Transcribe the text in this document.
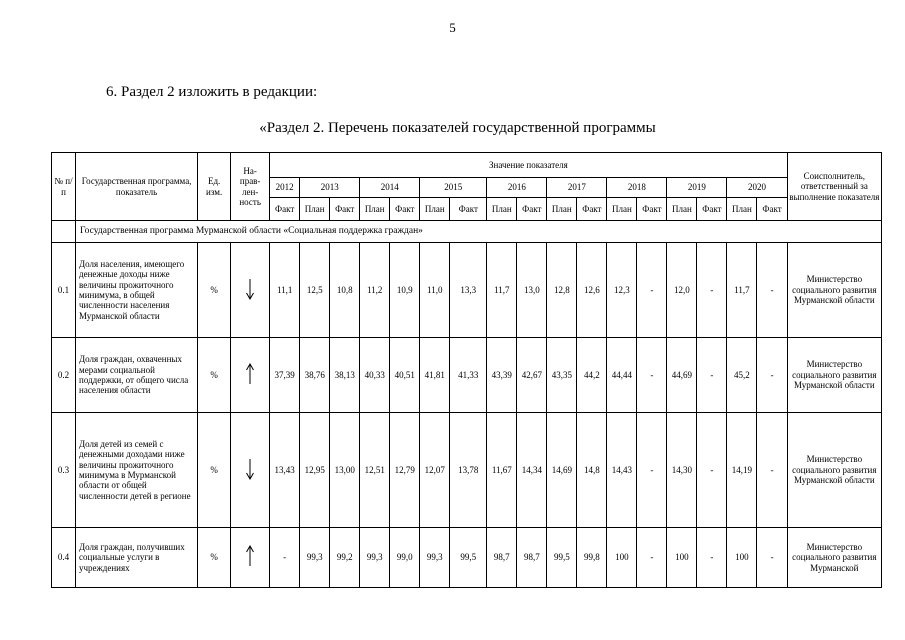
5
6. Раздел 2 изложить в редакции:
«Раздел 2. Перечень показателей государственной программы
№ п/п	Государственная программа, показатель	Ед. изм.	На- прав- лен- ность	Значение показателя																	Соисполнитель, ответственный за выполнение показателя
				2012	2013		2014		2015		2016		2017		2018		2019		2020		
				Факт	План	Факт	План	Факт	План	Факт	План	Факт	План	Факт	План	Факт	План	Факт	План	Факт	
	Государственная программа Мурманской области «Социальная поддержка граждан»																				
0.1	Доля населения, имеющего денежные доходы ниже величины прожиточного минимума, в общей численности населения Мурманской области	%		11,1	12,5	10,8	11,2	10,9	11,0	13,3	11,7	13,0	12,8	12,6	12,3	-	12,0	-	11,7	-	Министерство социального развития Мурманской области
0.2	Доля граждан, охваченных мерами социальной поддержки, от общего числа населения области	%		37,39	38,76	38,13	40,33	40,51	41,81	41,33	43,39	42,67	43,35	44,2	44,44	-	44,69	-	45,2	-	Министерство социального развития Мурманской области
0.3	Доля детей из семей с денежными доходами ниже величины прожиточного минимума в Мурманской области от общей численности детей в регионе	%		13,43	12,95	13,00	12,51	12,79	12,07	13,78	11,67	14,34	14,69	14,8	14,43	-	14,30	-	14,19	-	Министерство социального развития Мурманской области
0.4	Доля граждан, получивших социальные услуги в учреждениях	%		-	99,3	99,2	99,3	99,0	99,3	99,5	98,7	98,7	99,5	99,8	100	-	100	-	100	-	Министерство социального развития Мурманской
